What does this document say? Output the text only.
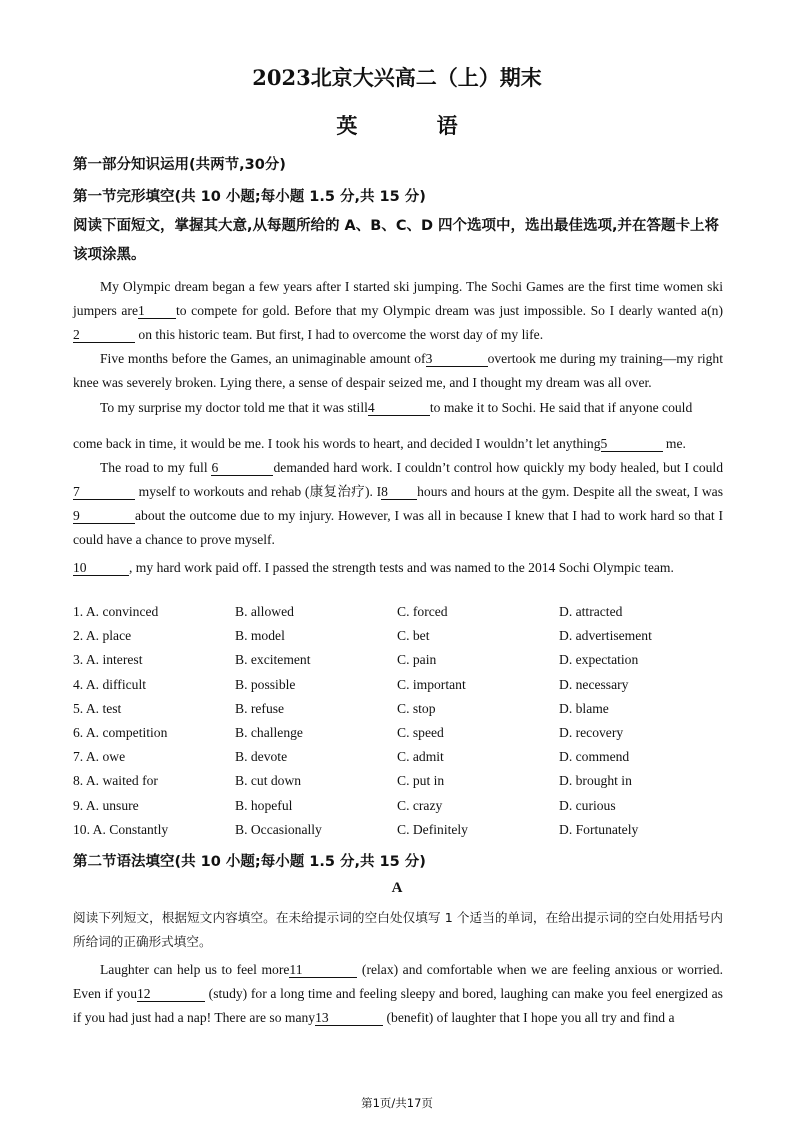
2023北京大兴高二（上）期末
英 语
第一部分知识运用(共两节,30分)
第一节完形填空(共 10 小题;每小题 1.5 分,共 15 分)
阅读下面短文，掌握其大意,从每题所给的 A、B、C、D 四个选项中，选出最佳选项,并在答题卡上将该项涂黑。
My Olympic dream began a few years after I started ski jumping. The Sochi Games are the first time women ski jumpers are1 to compete for gold. Before that my Olympic dream was just impossible. So I dearly wanted a(n) 2	on this historic team. But first, I had to overcome the worst day of my life.
Five months before the Games, an unimaginable amount of3	overtook me during my training—my right knee was severely broken. Lying there, a sense of despair seized me, and I thought my dream was all over.
To my surprise my doctor told me that it was still4	to make it to Sochi. He said that if anyone could
come back in time, it would be me. I took his words to heart, and decided I wouldn’t let anything5	me.
The road to my full 6	demanded hard work. I couldn’t control how quickly my body healed, but I could7	myself to workouts and rehab (康复治疗). I8 hours and hours at the gym. Despite all the sweat, I was9	about the outcome due to my injury. However, I was all in because I knew that I had to work hard so that I could have a chance to prove myself.
10	, my hard work paid off. I passed the strength tests and was named to the 2014 Sochi Olympic team.
1. A. convinced	B. allowed	C. forced	D. attracted
2. A. place	B. model	C. bet	D. advertisement
3. A. interest	B. excitement	C. pain	D. expectation
4. A. difficult	B. possible	C. important	D. necessary
5. A. test	B. refuse	C. stop	D. blame
6. A. competition	B. challenge	C. speed	D. recovery
7. A. owe	B. devote	C. admit	D. commend
8. A. waited for	B. cut down	C. put in	D. brought in
9. A. unsure	B. hopeful	C. crazy	D. curious
10. A. Constantly	B. Occasionally	C. Definitely	D. Fortunately
第二节语法填空(共 10 小题;每小题 1.5 分,共 15 分)
A
阅读下列短文，根据短文内容填空。在未给提示词的空白处仅填写 1 个适当的单词，在给出提示词的空白处用括号内所给词的正确形式填空。
Laughter can help us to feel more11	(relax) and comfortable when we are feeling anxious or worried. Even if you12	(study) for a long time and feeling sleepy and bored, laughing can make you feel energized as if you had just had a nap! There are so many13	(benefit) of laughter that I hope you all try and find a
第1页/共17页
